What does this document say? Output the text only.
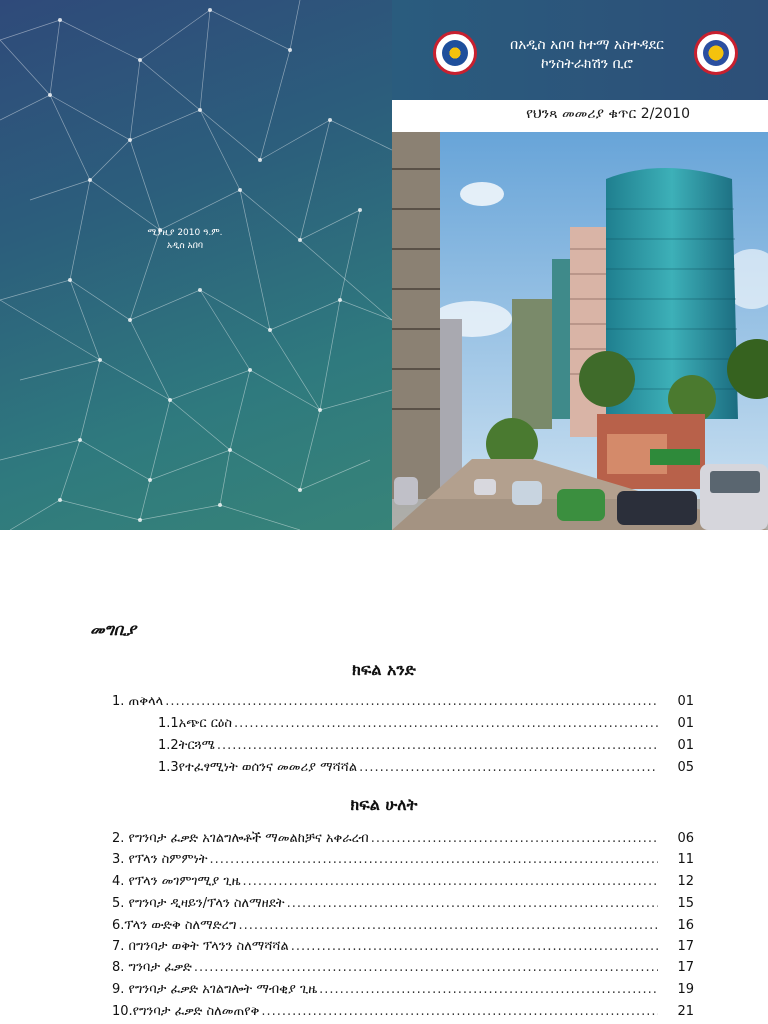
ሚያዚያ 2010 ዓ.ም.
አዲስ አበባ
በአዲስ አበባ ከተማ አስተዳደር
ኮንስትራክሽን ቢሮ
የህንጻ መመሪያ ቁጥር 2/2010
መግቢያ
ክፍል አንድ
1. ጠቅላላ .....	01
1.1አጭር ርዕስ .....	01
1.2ትርጓሜ .....	01
1.3የተፈፃሚነት ወሰንና መመሪያ ማሻሻል .....	05
ክፍል ሁለት
2. የግንባታ ፈቃድ አገልግሎቶች ማመልከቻና አቀራረብ .....	06
3. የፕላን ስምምነት .....	11
4. የፕላን መገምገሚያ ጊዜ .....	12
5. የግንባታ ዲዛይን/ፕላን ስለማዘደት .....	15
6.ፕላን ውድቅ ስለማድረግ .....	16
7. በግንባታ ወቅት ፕላንን ስለማሻሻል .....	17
8. ግንባታ ፈቃድ .....	17
9. የግንባታ ፈቃድ አገልግሎት ማብቂያ ጊዜ .....	19
10.የግንባታ ፈቃድ ስለመጠየቅ .....	21
